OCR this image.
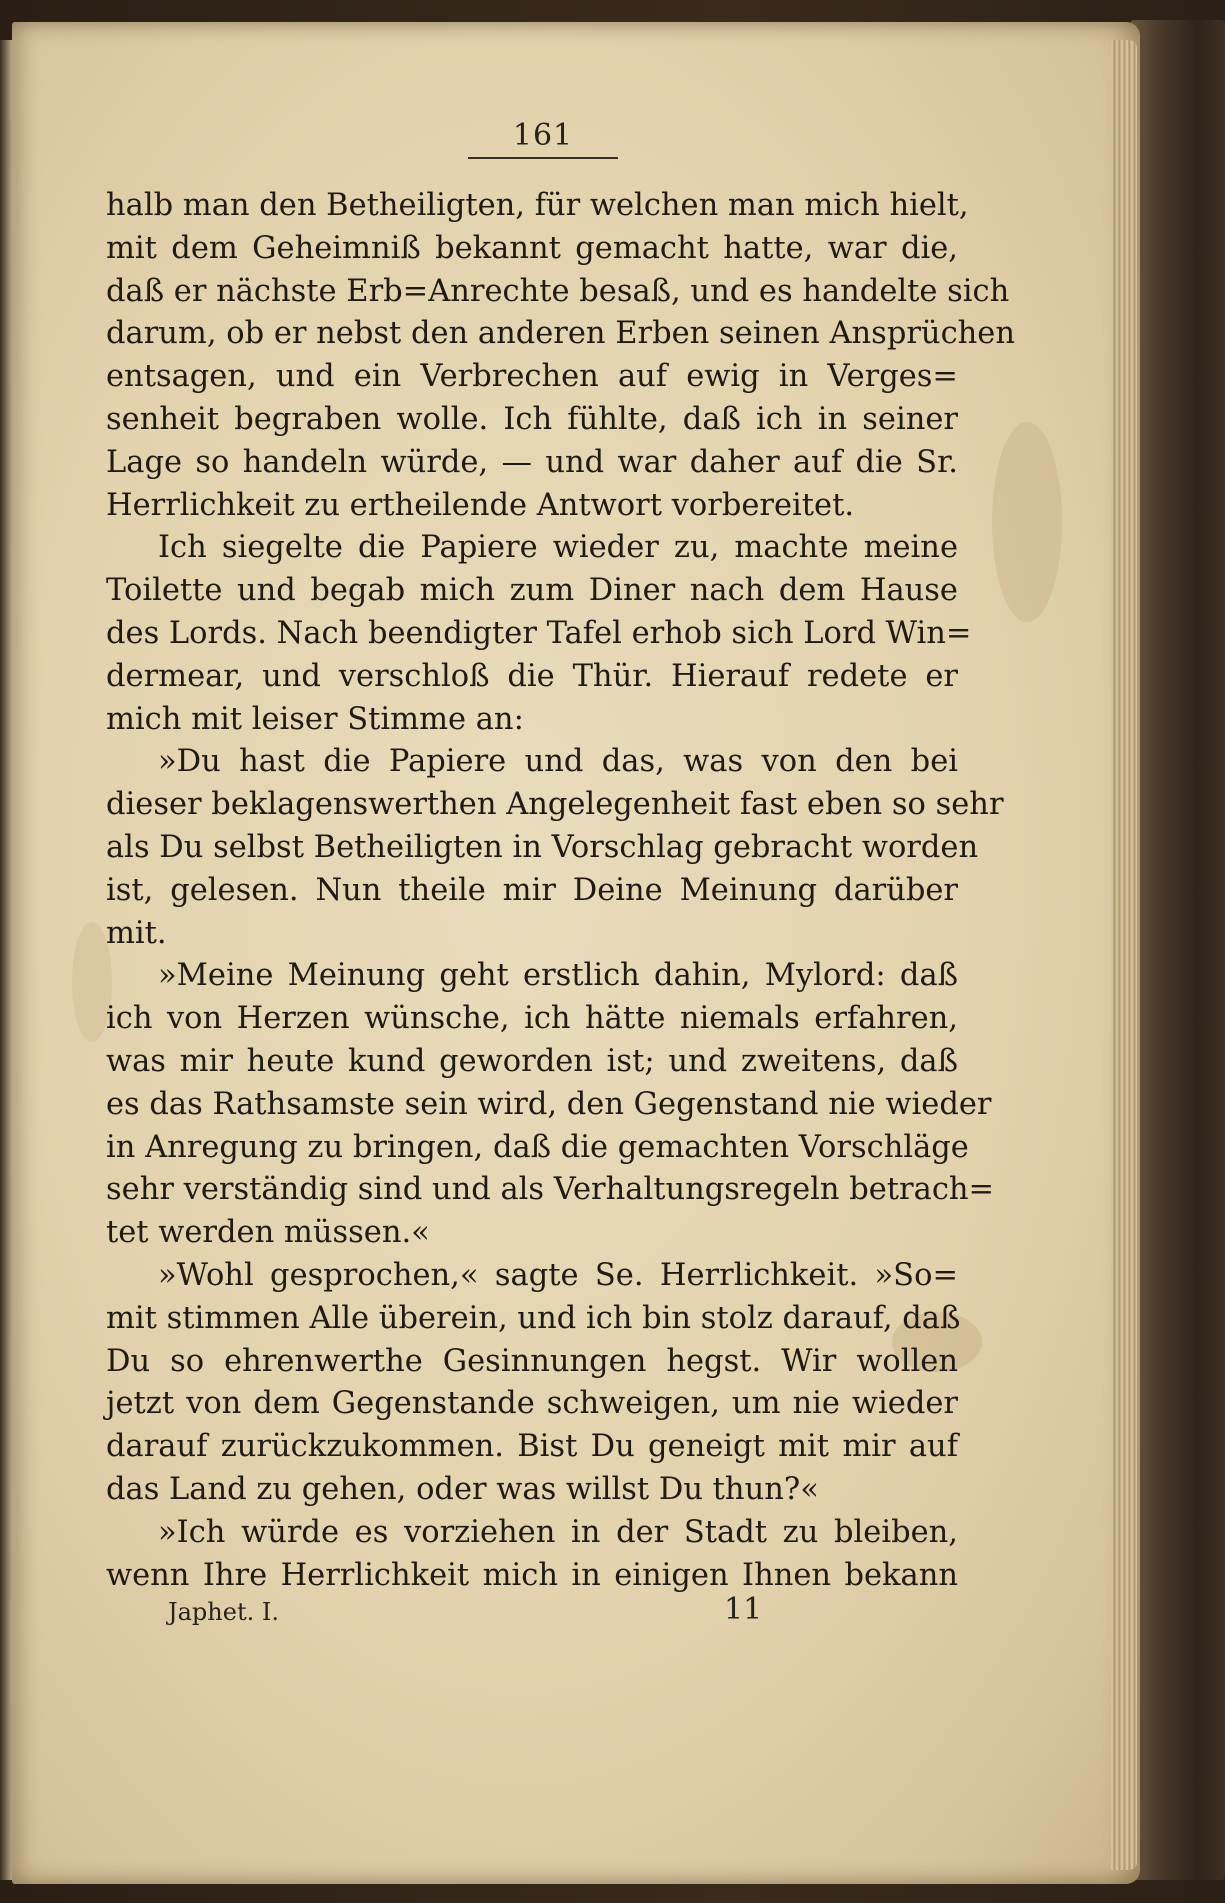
161
halb man den Betheiligten, für welchen man mich hielt,
mit dem Geheimniß bekannt gemacht hatte, war die,
daß er nächste Erb=Anrechte besaß, und es handelte sich
darum, ob er nebst den anderen Erben seinen Ansprüchen
entsagen, und ein Verbrechen auf ewig in Verges=
senheit begraben wolle. Ich fühlte, daß ich in seiner
Lage so handeln würde, — und war daher auf die Sr.
Herrlichkeit zu ertheilende Antwort vorbereitet.
Ich siegelte die Papiere wieder zu, machte meine
Toilette und begab mich zum Diner nach dem Hause
des Lords. Nach beendigter Tafel erhob sich Lord Win=
dermear, und verschloß die Thür. Hierauf redete er
mich mit leiser Stimme an:
»Du hast die Papiere und das, was von den bei
dieser beklagenswerthen Angelegenheit fast eben so sehr
als Du selbst Betheiligten in Vorschlag gebracht worden
ist, gelesen. Nun theile mir Deine Meinung darüber
mit.
»Meine Meinung geht erstlich dahin, Mylord: daß
ich von Herzen wünsche, ich hätte niemals erfahren,
was mir heute kund geworden ist; und zweitens, daß
es das Rathsamste sein wird, den Gegenstand nie wieder
in Anregung zu bringen, daß die gemachten Vorschläge
sehr verständig sind und als Verhaltungsregeln betrach=
tet werden müssen.«
»Wohl gesprochen,« sagte Se. Herrlichkeit. »So=
mit stimmen Alle überein, und ich bin stolz darauf, daß
Du so ehrenwerthe Gesinnungen hegst. Wir wollen
jetzt von dem Gegenstande schweigen, um nie wieder
darauf zurückzukommen. Bist Du geneigt mit mir auf
das Land zu gehen, oder was willst Du thun?«
»Ich würde es vorziehen in der Stadt zu bleiben,
wenn Ihre Herrlichkeit mich in einigen Ihnen bekann
Japhet. I.	11
